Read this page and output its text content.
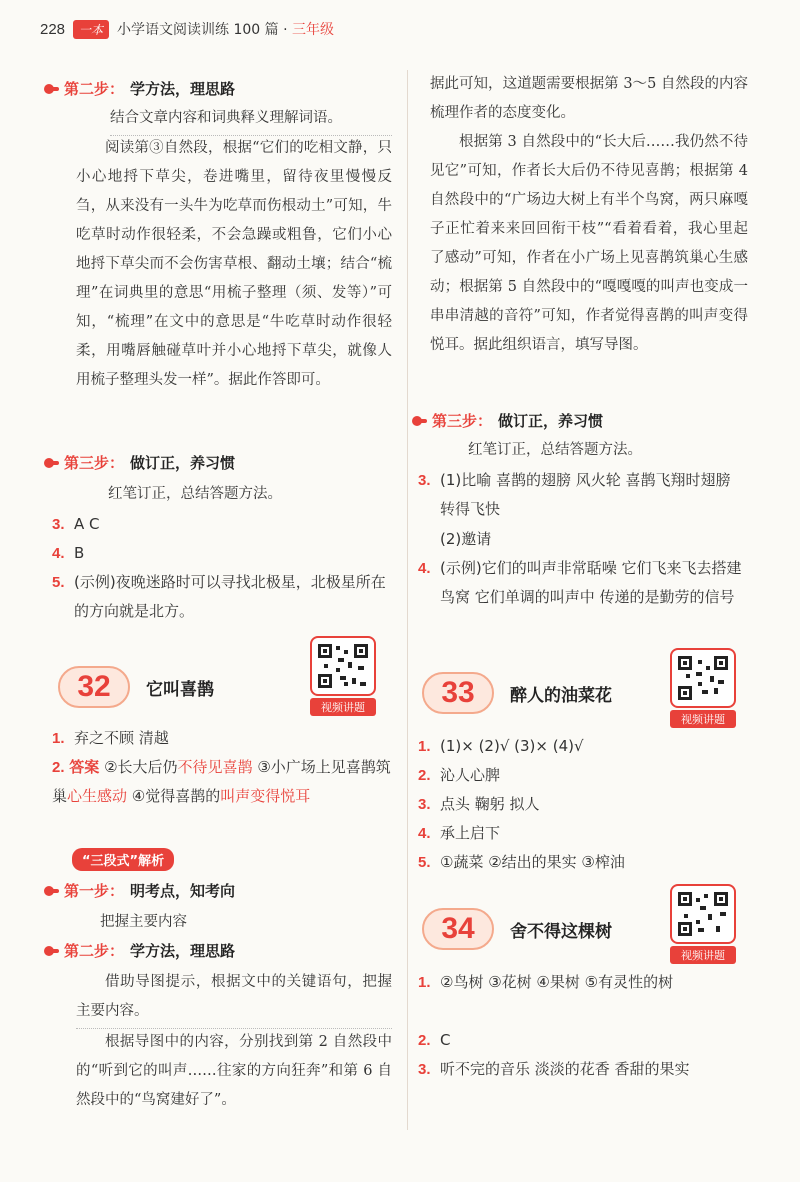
228	一本	小学语文阅读训练 100 篇 · 三年级
第二步： 学方法，理思路
结合文章内容和词典释义理解词语。
阅读第③自然段，根据“它们的吃相文静，只小心地捋下草尖，卷进嘴里，留待夜里慢慢反刍，从来没有一头牛为吃草而伤根动土”可知，牛吃草时动作很轻柔，不会急躁或粗鲁，它们小心地捋下草尖而不会伤害草根、翻动土壤；结合“梳理”在词典里的意思“用梳子整理（须、发等）”可知，“梳理”在文中的意思是“牛吃草时动作很轻柔，用嘴唇触碰草叶并小心地捋下草尖，就像人用梳子整理头发一样”。据此作答即可。
第三步： 做订正，养习惯
红笔订正，总结答题方法。
3. A C
4. B
5. (示例)夜晚迷路时可以寻找北极星，北极星所在的方向就是北方。
32	它叫喜鹊
视频讲题
1. 弃之不顾 清越
2. 答案 ②长大后仍不待见喜鹊 ③小广场上见喜鹊筑巢心生感动 ④觉得喜鹊的叫声变得悦耳
“三段式”解析
第一步： 明考点，知考向
把握主要内容
第二步： 学方法，理思路
借助导图提示，根据文中的关键语句，把握主要内容。
根据导图中的内容，分别找到第 2 自然段中的“听到它的叫声……往家的方向狂奔”和第 6 自然段中的“鸟窝建好了”。
据此可知，这道题需要根据第 3～5 自然段的内容梳理作者的态度变化。
根据第 3 自然段中的“长大后……我仍然不待见它”可知，作者长大后仍不待见喜鹊；根据第 4 自然段中的“广场边大树上有半个鸟窝，两只麻嘎子正忙着来来回回衔干枝”“看着看着，我心里起了感动”可知，作者在小广场上见喜鹊筑巢心生感动；根据第 5 自然段中的“嘎嘎嘎的叫声也变成一串串清越的音符”可知，作者觉得喜鹊的叫声变得悦耳。据此组织语言，填写导图。
第三步： 做订正，养习惯
红笔订正，总结答题方法。
3. (1)比喻 喜鹊的翅膀 风火轮 喜鹊飞翔时翅膀转得飞快
(2)邀请
4. (示例)它们的叫声非常聒噪 它们飞来飞去搭建鸟窝 它们单调的叫声中 传递的是勤劳的信号
33	醉人的油菜花
视频讲题
1. (1)× (2)√ (3)× (4)√
2. 沁人心脾
3. 点头 鞠躬 拟人
4. 承上启下
5. ①蔬菜 ②结出的果实 ③榨油
34	舍不得这棵树
视频讲题
1. ②鸟树 ③花树 ④果树 ⑤有灵性的树
2. C
3. 听不完的音乐 淡淡的花香 香甜的果实
